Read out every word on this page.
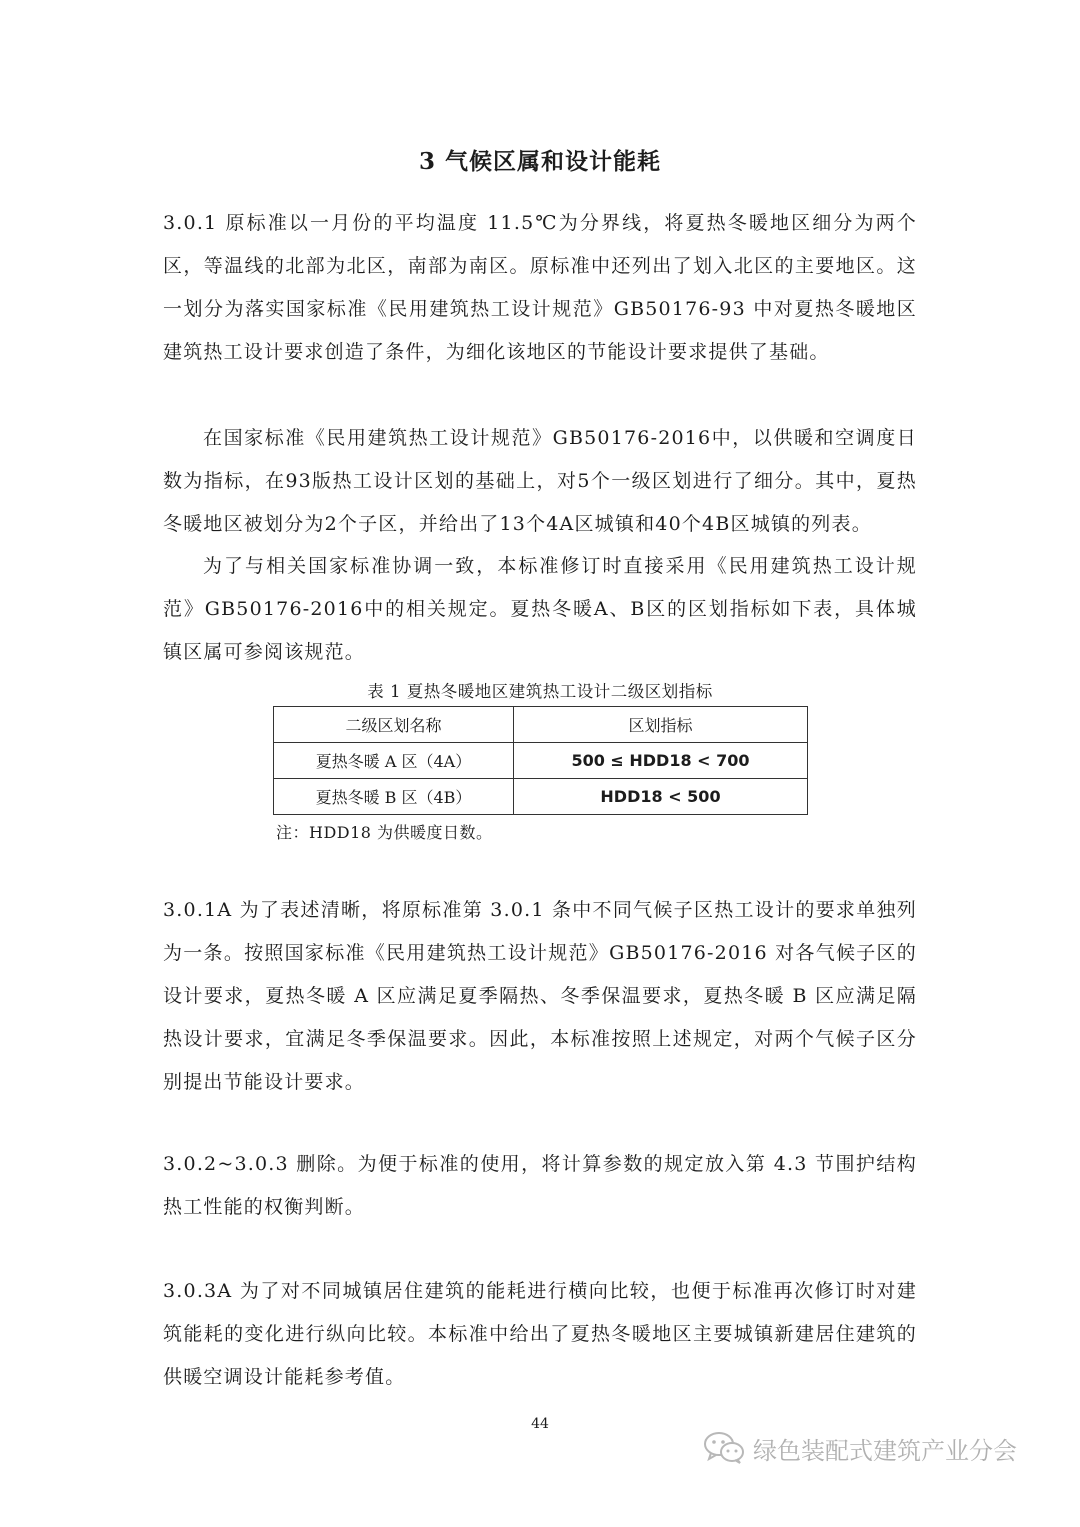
3 气候区属和设计能耗

3.0.1 原标准以一月份的平均温度 11.5℃为分界线，将夏热冬暖地区细分为两个区，等温线的北部为北区，南部为南区。原标准中还列出了划入北区的主要地区。这一划分为落实国家标准《民用建筑热工设计规范》GB50176-93 中对夏热冬暖地区建筑热工设计要求创造了条件，为细化该地区的节能设计要求提供了基础。

在国家标准《民用建筑热工设计规范》GB50176-2016中，以供暖和空调度日数为指标，在93版热工设计区划的基础上，对5个一级区划进行了细分。其中，夏热冬暖地区被划分为2个子区，并给出了13个4A区城镇和40个4B区城镇的列表。

为了与相关国家标准协调一致，本标准修订时直接采用《民用建筑热工设计规范》GB50176-2016中的相关规定。夏热冬暖A、B区的区划指标如下表，具体城镇区属可参阅该规范。

表 1 夏热冬暖地区建筑热工设计二级区划指标
二级区划名称	区划指标
夏热冬暖 A 区（4A）	500 ≤ HDD18 < 700
夏热冬暖 B 区（4B）	HDD18 < 500
注：HDD18 为供暖度日数。

3.0.1A 为了表述清晰，将原标准第 3.0.1 条中不同气候子区热工设计的要求单独列为一条。按照国家标准《民用建筑热工设计规范》GB50176-2016 对各气候子区的设计要求，夏热冬暖 A 区应满足夏季隔热、冬季保温要求，夏热冬暖 B 区应满足隔热设计要求，宜满足冬季保温要求。因此，本标准按照上述规定，对两个气候子区分别提出节能设计要求。

3.0.2~3.0.3 删除。为便于标准的使用，将计算参数的规定放入第 4.3 节围护结构热工性能的权衡判断。

3.0.3A 为了对不同城镇居住建筑的能耗进行横向比较，也便于标准再次修订时对建筑能耗的变化进行纵向比较。本标准中给出了夏热冬暖地区主要城镇新建居住建筑的供暖空调设计能耗参考值。

44
绿色装配式建筑产业分会
